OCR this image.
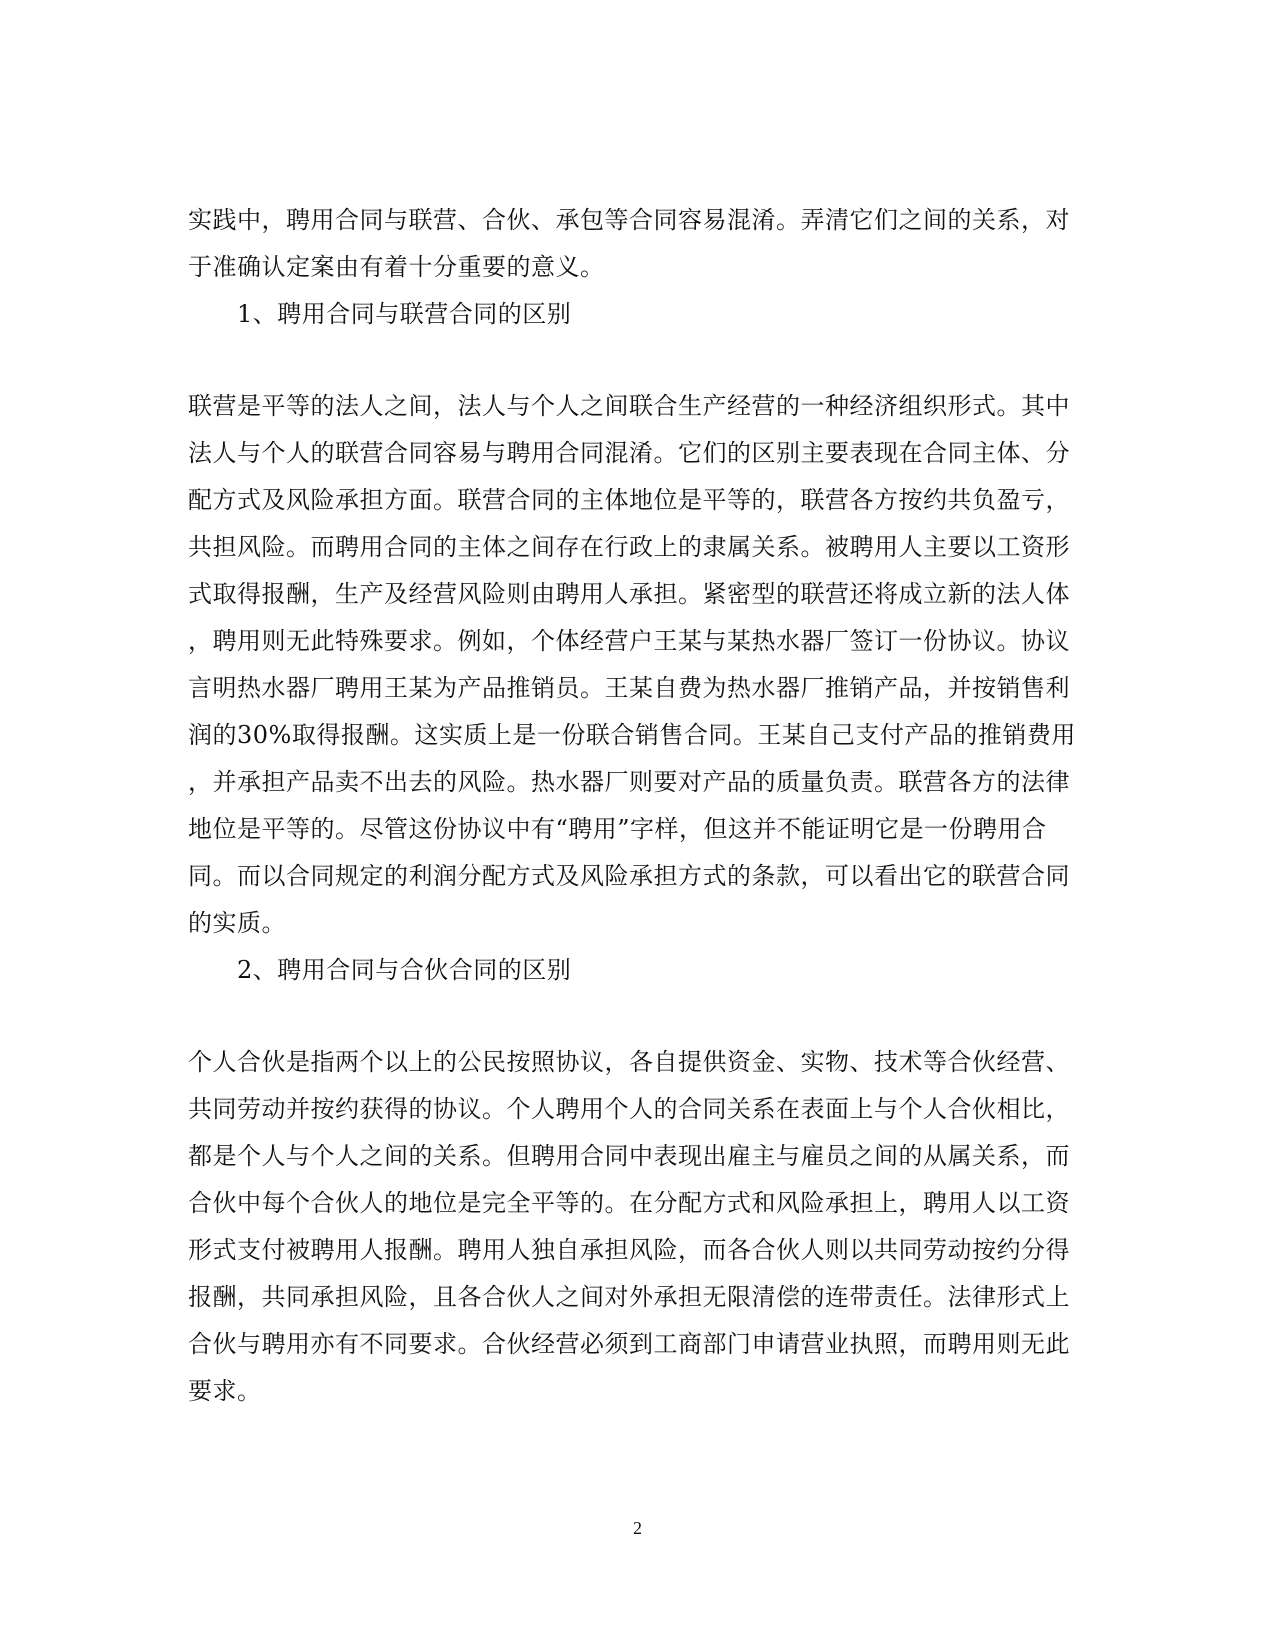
实践中，聘用合同与联营、合伙、承包等合同容易混淆。弄清它们之间的关系，对
于准确认定案由有着十分重要的意义。
1、聘用合同与联营合同的区别
联营是平等的法人之间，法人与个人之间联合生产经营的一种经济组织形式。其中
法人与个人的联营合同容易与聘用合同混淆。它们的区别主要表现在合同主体、分
配方式及风险承担方面。联营合同的主体地位是平等的，联营各方按约共负盈亏，
共担风险。而聘用合同的主体之间存在行政上的隶属关系。被聘用人主要以工资形
式取得报酬，生产及经营风险则由聘用人承担。紧密型的联营还将成立新的法人体
，聘用则无此特殊要求。例如，个体经营户王某与某热水器厂签订一份协议。协议
言明热水器厂聘用王某为产品推销员。王某自费为热水器厂推销产品，并按销售利
润的30%取得报酬。这实质上是一份联合销售合同。王某自己支付产品的推销费用
，并承担产品卖不出去的风险。热水器厂则要对产品的质量负责。联营各方的法律
地位是平等的。尽管这份协议中有“聘用”字样，但这并不能证明它是一份聘用合
同。而以合同规定的利润分配方式及风险承担方式的条款，可以看出它的联营合同
的实质。
2、聘用合同与合伙合同的区别
个人合伙是指两个以上的公民按照协议，各自提供资金、实物、技术等合伙经营、
共同劳动并按约获得的协议。个人聘用个人的合同关系在表面上与个人合伙相比，
都是个人与个人之间的关系。但聘用合同中表现出雇主与雇员之间的从属关系，而
合伙中每个合伙人的地位是完全平等的。在分配方式和风险承担上，聘用人以工资
形式支付被聘用人报酬。聘用人独自承担风险，而各合伙人则以共同劳动按约分得
报酬，共同承担风险，且各合伙人之间对外承担无限清偿的连带责任。法律形式上
合伙与聘用亦有不同要求。合伙经营必须到工商部门申请营业执照，而聘用则无此
要求。
2
